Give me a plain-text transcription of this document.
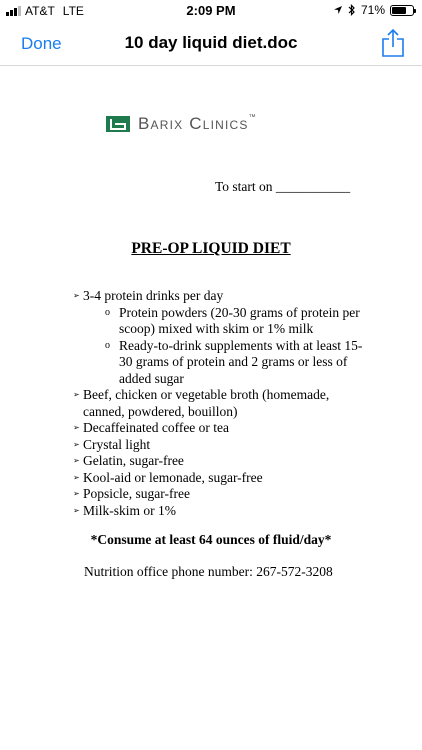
AT&T LTE	2:09 PM	71%
Done	10 day liquid diet.doc
Barix Clinics™
To start on ___________
PRE-OP LIQUID DIET
➢ 3-4 protein drinks per day
o Protein powders (20-30 grams of protein per scoop) mixed with skim or 1% milk
o Ready-to-drink supplements with at least 15-30 grams of protein and 2 grams or less of added sugar
➢ Beef, chicken or vegetable broth (homemade, canned, powdered, bouillon)
➢ Decaffeinated coffee or tea
➢ Crystal light
➢ Gelatin, sugar-free
➢ Kool-aid or lemonade, sugar-free
➢ Popsicle, sugar-free
➢ Milk-skim or 1%
*Consume at least 64 ounces of fluid/day*
Nutrition office phone number: 267-572-3208
